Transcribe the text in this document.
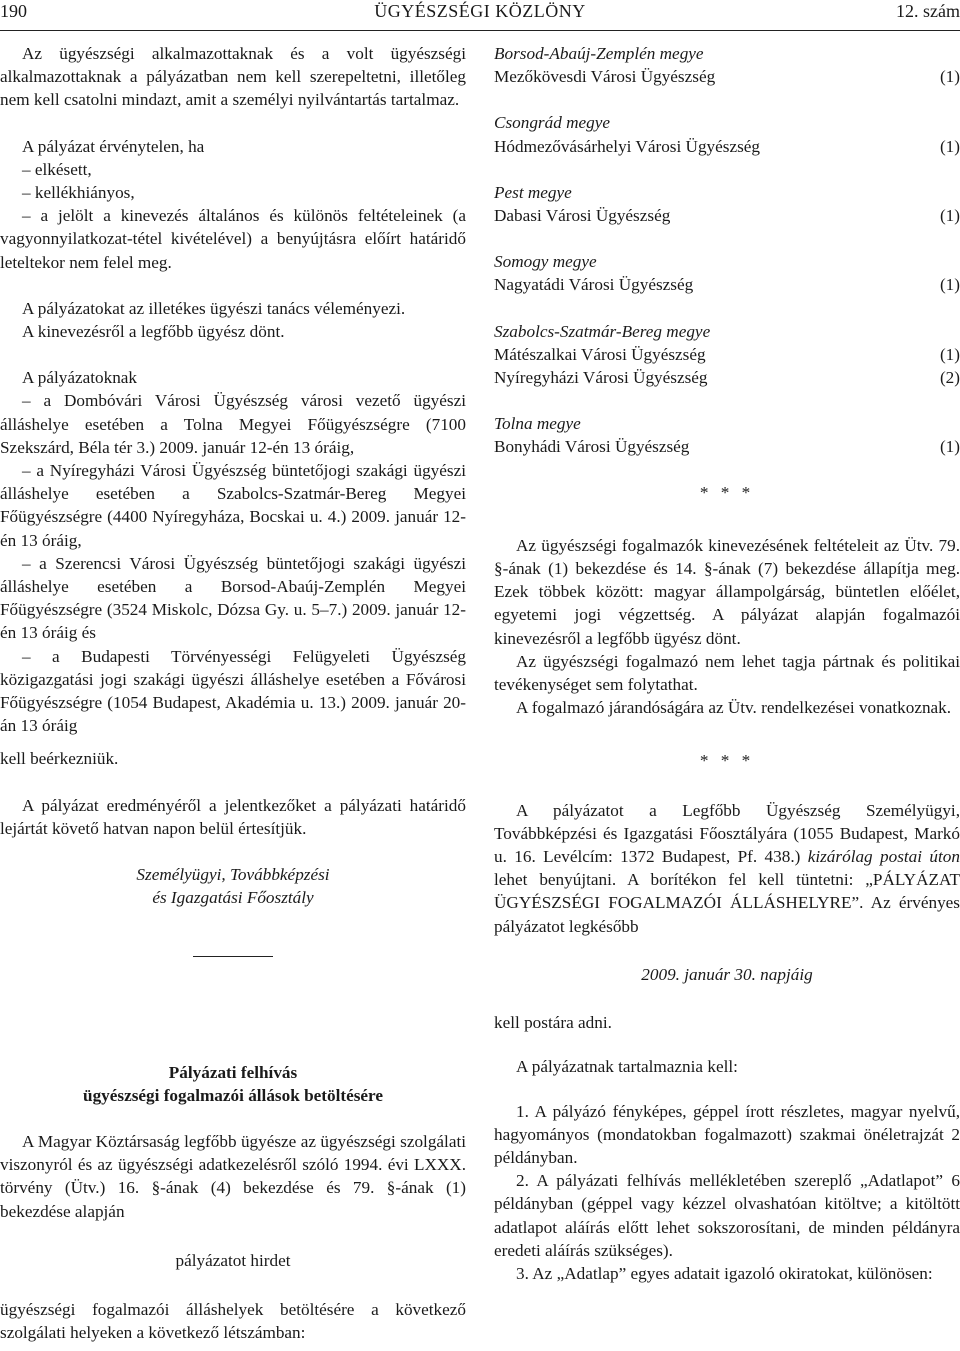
190	ÜGYÉSZSÉGI KÖZLÖNY	12. szám

Az ügyészségi alkalmazottaknak és a volt ügyészségi alkalmazottaknak a pályázatban nem kell szerepeltetni, illetőleg nem kell csatolni mindazt, amit a személyi nyilvántartás tartalmaz.

A pályázat érvénytelen, ha

– elkésett,

– kellékhiányos,

– a jelölt a kinevezés általános és különös feltételeinek (a vagyonnyilatkozat-tétel kivételével) a benyújtásra előírt határidő leteltekor nem felel meg.

A pályázatokat az illetékes ügyészi tanács véleményezi.

A kinevezésről a legfőbb ügyész dönt.

A pályázatoknak

– a Dombóvári Városi Ügyészség városi vezető ügyészi álláshelye esetében a Tolna Megyei Főügyészségre (7100 Szekszárd, Béla tér 3.) 2009. január 12-én 13 óráig,

– a Nyíregyházi Városi Ügyészség büntetőjogi szakági ügyészi álláshelye esetében a Szabolcs-Szatmár-Bereg Megyei Főügyészségre (4400 Nyíregyháza, Bocskai u. 4.) 2009. január 12-én 13 óráig,

– a Szerencsi Városi Ügyészség büntetőjogi szakági ügyészi álláshelye esetében a Borsod-Abaúj-Zemplén Megyei Főügyészségre (3524 Miskolc, Dózsa Gy. u. 5–7.) 2009. január 12-én 13 óráig és

– a Budapesti Törvényességi Felügyeleti Ügyészség közigazgatási jogi szakági ügyészi álláshelye esetében a Fővárosi Főügyészségre (1054 Budapest, Akadémia u. 13.) 2009. január 20-án 13 óráig

kell beérkezniük.

A pályázat eredményéről a jelentkezőket a pályázati határidő lejártát követő hatvan napon belül értesítjük.

Személyügyi, Továbbképzési

és Igazgatási Főosztály

Pályázati felhívás

ügyészségi fogalmazói állások betöltésére

A Magyar Köztársaság legfőbb ügyésze az ügyészségi szolgálati viszonyról és az ügyészségi adatkezelésről szóló 1994. évi LXXX. törvény (Ütv.) 16. §-ának (4) bekezdése és 79. §-ának (1) bekezdése alapján

pályázatot hirdet

ügyészségi fogalmazói álláshelyek betöltésére a következő szolgálati helyeken a következő létszámban:

Borsod-Abaúj-Zemplén megye

Mezőkövesdi Városi Ügyészség	(1)

Csongrád megye

Hódmezővásárhelyi Városi Ügyészség	(1)

Pest megye

Dabasi Városi Ügyészség	(1)

Somogy megye

Nagyatádi Városi Ügyészség	(1)

Szabolcs-Szatmár-Bereg megye

Mátészalkai Városi Ügyészség	(1)
Nyíregyházi Városi Ügyészség	(2)

Tolna megye

Bonyhádi Városi Ügyészség	(1)

* * *

Az ügyészségi fogalmazók kinevezésének feltételeit az Ütv. 79. §-ának (1) bekezdése és 14. §-ának (7) bekezdése állapítja meg. Ezek többek között: magyar állampolgárság, büntetlen előélet, egyetemi jogi végzettség. A pályázat alapján fogalmazói kinevezésről a legfőbb ügyész dönt.

Az ügyészségi fogalmazó nem lehet tagja pártnak és politikai tevékenységet sem folytathat.

A fogalmazó járandóságára az Ütv. rendelkezései vonatkoznak.

* * *

A pályázatot a Legfőbb Ügyészség Személyügyi, Továbbképzési és Igazgatási Főosztályára (1055 Budapest, Markó u. 16. Levélcím: 1372 Budapest, Pf. 438.) kizárólag postai úton lehet benyújtani. A borítékon fel kell tüntetni: „PÁLYÁZAT ÜGYÉSZSÉGI FOGALMAZÓI ÁLLÁSHELYRE”. Az érvényes pályázatot legkésőbb

2009. január 30. napjáig

kell postára adni.

A pályázatnak tartalmaznia kell:

1. A pályázó fényképes, géppel írott részletes, magyar nyelvű, hagyományos (mondatokban fogalmazott) szakmai önéletrajzát 2 példányban.

2. A pályázati felhívás mellékletében szereplő „Adatlapot” 6 példányban (géppel vagy kézzel olvashatóan kitöltve; a kitöltött adatlapot aláírás előtt lehet sokszorosítani, de minden példányra eredeti aláírás szükséges).

3. Az „Adatlap” egyes adatait igazoló okiratokat, különösen:
